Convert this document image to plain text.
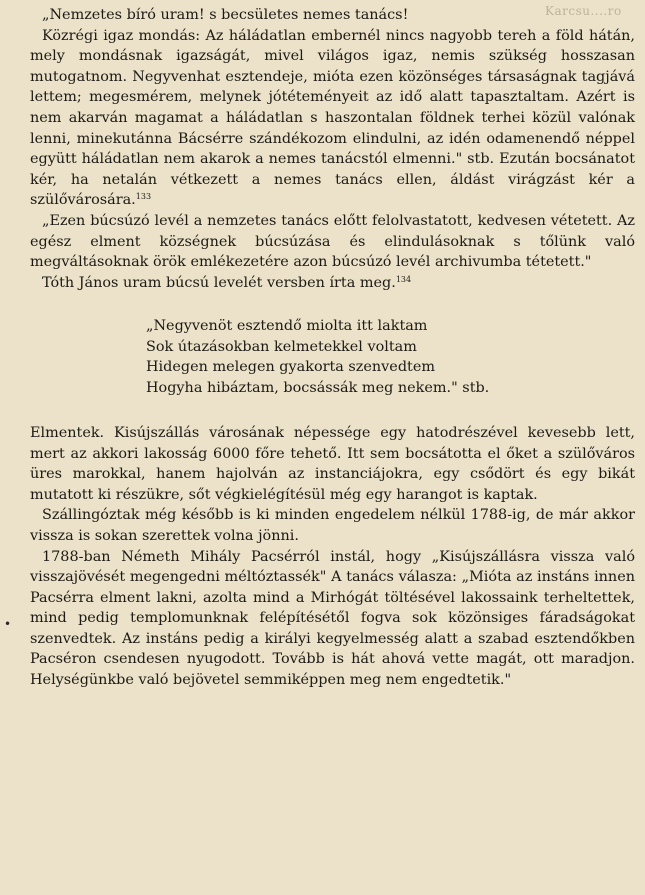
Karcsu....ro
•

„Nemzetes bíró uram! s becsületes nemes tanács!

Közrégi igaz mondás: Az háládatlan embernél nincs nagyobb tereh a föld hátán, mely mondásnak igazságát, mivel világos igaz, nemis szükség hosszasan mutogatnom. Negyvenhat esztendeje, mióta ezen közönséges társaságnak tagjává lettem; megesmérem, melynek jótéteményeit az idő alatt tapasztaltam. Azért is nem akarván magamat a háládatlan s haszontalan földnek terhei közül valónak lenni, minekutánna Bácsérre szándékozom elindulni, az idén odamenendő néppel együtt háládatlan nem akarok a nemes tanácstól elmenni." stb. Ezután bocsánatot kér, ha netalán vétkezett a nemes tanács ellen, áldást virágzást kér a szülővárosára.$^{133}$

„Ezen búcsúzó levél a nemzetes tanács előtt felolvastatott, kedvesen vétetett. Az egész elment községnek búcsúzása és elindulásoknak s tőlünk való megváltásoknak örök emlékezetére azon búcsúzó levél archivumba tétetett."

Tóth János uram búcsú levelét versben írta meg.$^{134}$

„Negyvenöt esztendő miolta itt laktam
Sok útazásokban kelmetekkel voltam
Hidegen melegen gyakorta szenvedtem
Hogyha hibáztam, bocsássák meg nekem." stb.

Elmentek. Kisújszállás városának népessége egy hatodrészével kevesebb lett, mert az akkori lakosság 6000 főre tehető. Itt sem bocsátotta el őket a szülőváros üres marokkal, hanem hajolván az instanciájokra, egy csődört és egy bikát mutatott ki részükre, sőt végkielégítésül még egy harangot is kaptak.

Szállingóztak még később is ki minden engedelem nélkül 1788-ig, de már akkor vissza is sokan szerettek volna jönni.

1788-ban Németh Mihály Pacsérról instál, hogy „Kisújszállásra vissza való visszajövését megengedni méltóztassék" A tanács válasza: „Mióta az instáns innen Pacsérra elment lakni, azolta mind a Mirhógát töltésével lakossaink terheltettek, mind pedig templomunknak felépítésétől fogva sok közönsiges fáradságokat szenvedtek. Az instáns pedig a királyi kegyelmesség alatt a szabad esztendőkben Pacséron csendesen nyugodott. Tovább is hát ahová vette magát, ott maradjon. Helységünkbe való bejövetel semmiképpen meg nem engedtetik."
